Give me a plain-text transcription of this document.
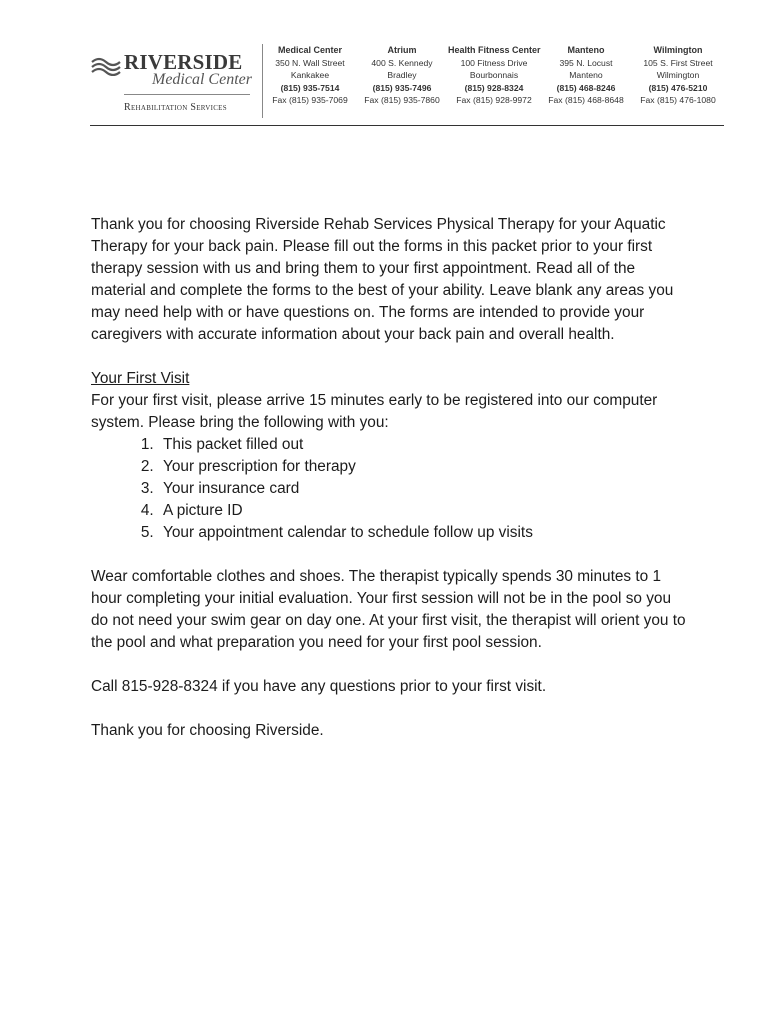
RIVERSIDE
Medical Center
Rehabilitation Services
Medical Center
350 N. Wall Street
Kankakee
(815) 935-7514
Fax (815) 935-7069
Atrium
400 S. Kennedy
Bradley
(815) 935-7496
Fax (815) 935-7860
Health Fitness Center
100 Fitness Drive
Bourbonnais
(815) 928-8324
Fax (815) 928-9972
Manteno
395 N. Locust
Manteno
(815) 468-8246
Fax (815) 468-8648
Wilmington
105 S. First Street
Wilmington
(815) 476-5210
Fax (815) 476-1080

Thank you for choosing Riverside Rehab Services Physical Therapy for your Aquatic Therapy for your back pain. Please fill out the forms in this packet prior to your first therapy session with us and bring them to your first appointment. Read all of the material and complete the forms to the best of your ability. Leave blank any areas you may need help with or have questions on. The forms are intended to provide your caregivers with accurate information about your back pain and overall health.

Your First Visit

For your first visit, please arrive 15 minutes early to be registered into our computer system. Please bring the following with you:

1. This packet filled out
2. Your prescription for therapy
3. Your insurance card
4. A picture ID
5. Your appointment calendar to schedule follow up visits

Wear comfortable clothes and shoes. The therapist typically spends 30 minutes to 1 hour completing your initial evaluation. Your first session will not be in the pool so you do not need your swim gear on day one. At your first visit, the therapist will orient you to the pool and what preparation you need for your first pool session.

Call 815-928-8324 if you have any questions prior to your first visit.

Thank you for choosing Riverside.
